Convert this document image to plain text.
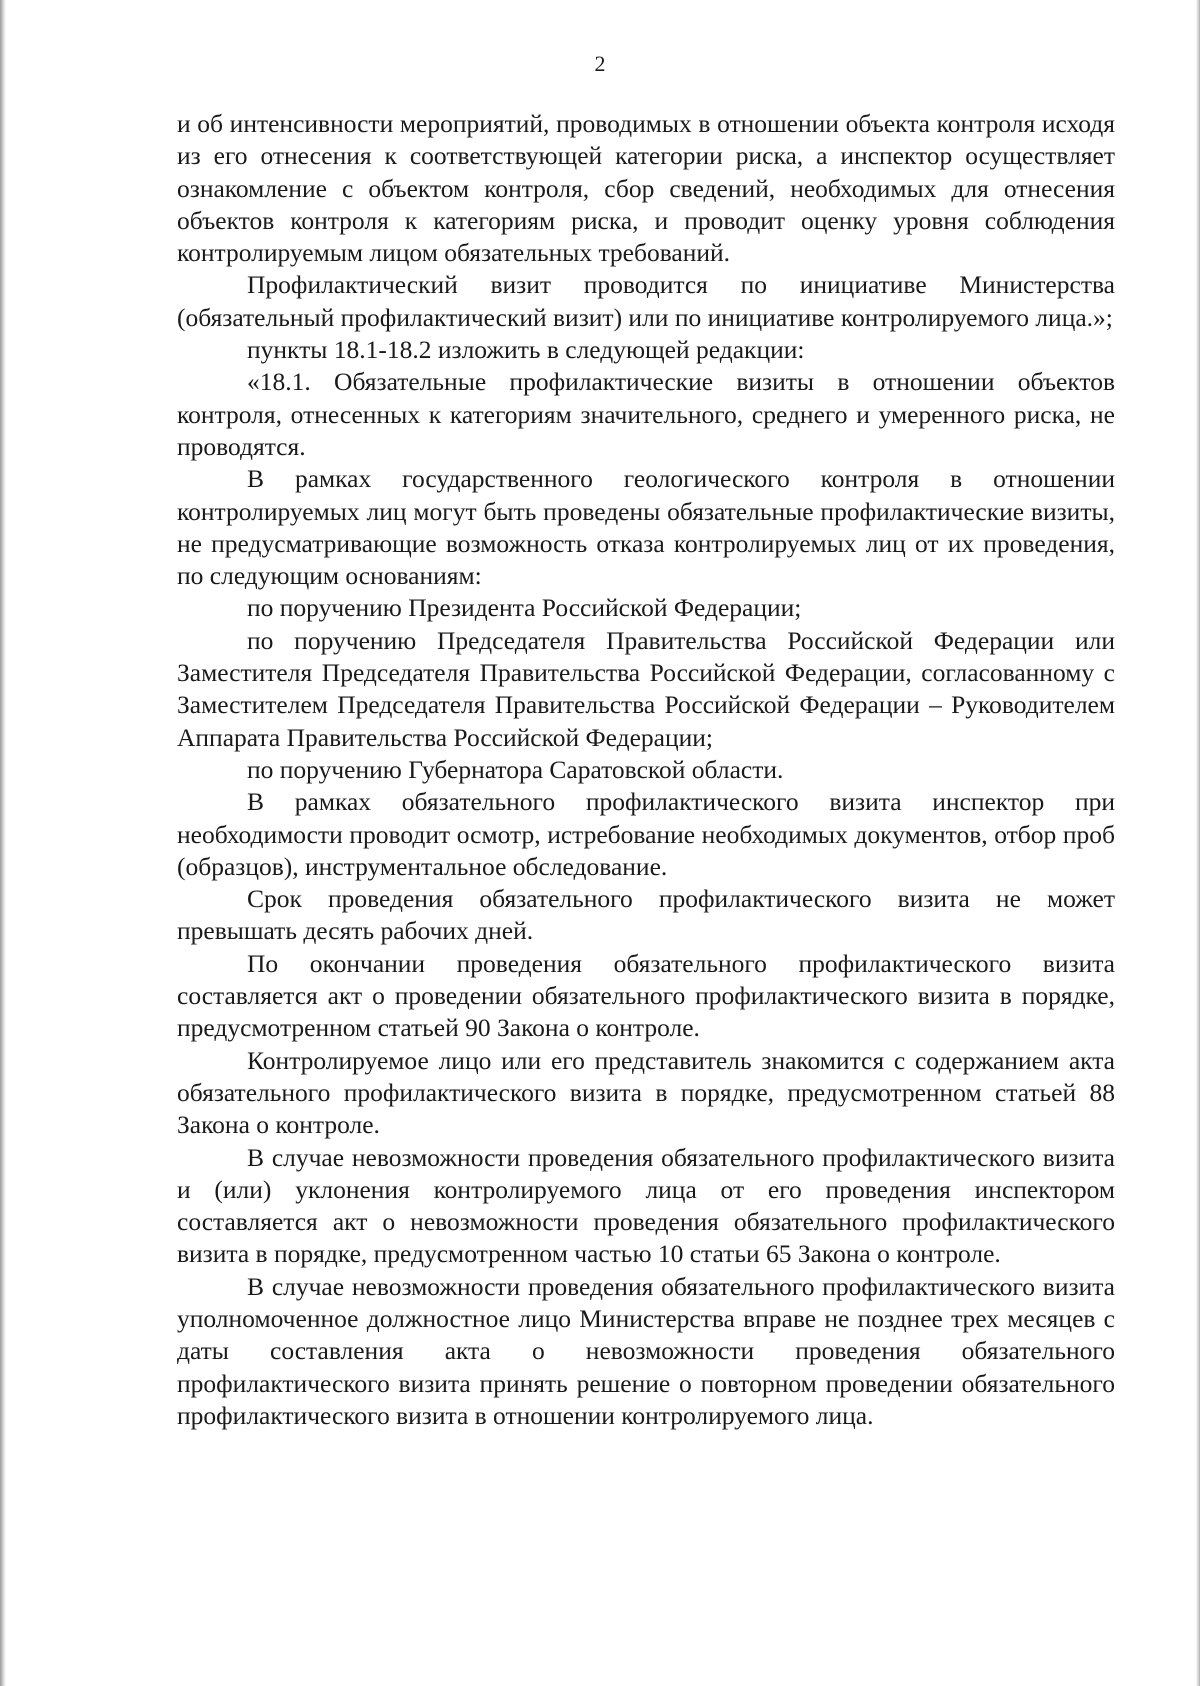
2

и об интенсивности мероприятий, проводимых в отношении объекта контроля исходя из его отнесения к соответствующей категории риска, а инспектор осуществляет ознакомление с объектом контроля, сбор сведений, необходимых для отнесения объектов контроля к категориям риска, и проводит оценку уровня соблюдения контролируемым лицом обязательных требований.

Профилактический визит проводится по инициативе Министерства (обязательный профилактический визит) или по инициативе контролируемого лица.»;

пункты 18.1-18.2 изложить в следующей редакции:

«18.1. Обязательные профилактические визиты в отношении объектов контроля, отнесенных к категориям значительного, среднего и умеренного риска, не проводятся.

В рамках государственного геологического контроля в отношении контролируемых лиц могут быть проведены обязательные профилактические визиты, не предусматривающие возможность отказа контролируемых лиц от их проведения, по следующим основаниям:

по поручению Президента Российской Федерации;

по поручению Председателя Правительства Российской Федерации или Заместителя Председателя Правительства Российской Федерации, согласованному с Заместителем Председателя Правительства Российской Федерации – Руководителем Аппарата Правительства Российской Федерации;

по поручению Губернатора Саратовской области.

В рамках обязательного профилактического визита инспектор при необходимости проводит осмотр, истребование необходимых документов, отбор проб (образцов), инструментальное обследование.

Срок проведения обязательного профилактического визита не может превышать десять рабочих дней.

По окончании проведения обязательного профилактического визита составляется акт о проведении обязательного профилактического визита в порядке, предусмотренном статьей 90 Закона о контроле.

Контролируемое лицо или его представитель знакомится с содержанием акта обязательного профилактического визита в порядке, предусмотренном статьей 88 Закона о контроле.

В случае невозможности проведения обязательного профилактического визита и (или) уклонения контролируемого лица от его проведения инспектором составляется акт о невозможности проведения обязательного профилактического визита в порядке, предусмотренном частью 10 статьи 65 Закона о контроле.

В случае невозможности проведения обязательного профилактического визита уполномоченное должностное лицо Министерства вправе не позднее трех месяцев с даты составления акта о невозможности проведения обязательного профилактического визита принять решение о повторном проведении обязательного профилактического визита в отношении контролируемого лица.
